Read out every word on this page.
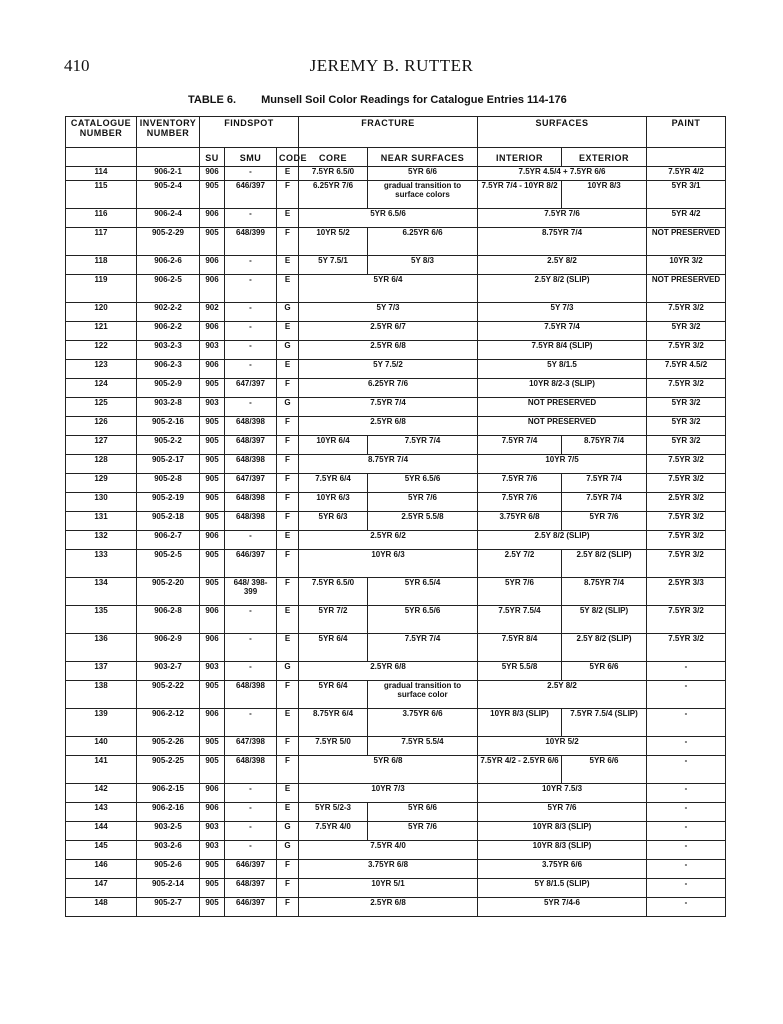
410	JEREMY B. RUTTER
TABLE 6. Munsell Soil Color Readings for Catalogue Entries 114-176
CATALOGUE NUMBER	INVENTORY NUMBER	FINDSPOT			FRACTURE		SURFACES		PAINT
		SU	SMU	CODE	CORE	NEAR SURFACES	INTERIOR	EXTERIOR	
114	906-2-1	906	-	E	7.5YR 6.5/0	5YR 6/6	7.5YR 4.5/4 + 7.5YR 6/6		7.5YR 4/2
115	905-2-4	905	646/397	F	6.25YR 7/6	gradual transition to surface colors	7.5YR 7/4 - 10YR 8/2	10YR 8/3	5YR 3/1
116	906-2-4	906	-	E	5YR 6.5/6		7.5YR 7/6		5YR 4/2
117	905-2-29	905	648/399	F	10YR 5/2	6.25YR 6/6	8.75YR 7/4		NOT PRESERVED
118	906-2-6	906	-	E	5Y 7.5/1	5Y 8/3	2.5Y 8/2		10YR 3/2
119	906-2-5	906	-	E	5YR 6/4		2.5Y 8/2 (SLIP)		NOT PRESERVED
120	902-2-2	902	-	G	5Y 7/3		5Y 7/3		7.5YR 3/2
121	906-2-2	906	-	E	2.5YR 6/7		7.5YR 7/4		5YR 3/2
122	903-2-3	903	-	G	2.5YR 6/8		7.5YR 8/4 (SLIP)		7.5YR 3/2
123	906-2-3	906	-	E	5Y 7.5/2		5Y 8/1.5		7.5YR 4.5/2
124	905-2-9	905	647/397	F	6.25YR 7/6		10YR 8/2-3 (SLIP)		7.5YR 3/2
125	903-2-8	903	-	G	7.5YR 7/4		NOT PRESERVED		5YR 3/2
126	905-2-16	905	648/398	F	2.5YR 6/8		NOT PRESERVED		5YR 3/2
127	905-2-2	905	648/397	F	10YR 6/4	7.5YR 7/4	7.5YR 7/4	8.75YR 7/4	5YR 3/2
128	905-2-17	905	648/398	F	8.75YR 7/4		10YR 7/5		7.5YR 3/2
129	905-2-8	905	647/397	F	7.5YR 6/4	5YR 6.5/6	7.5YR 7/6	7.5YR 7/4	7.5YR 3/2
130	905-2-19	905	648/398	F	10YR 6/3	5YR 7/6	7.5YR 7/6	7.5YR 7/4	2.5YR 3/2
131	905-2-18	905	648/398	F	5YR 6/3	2.5YR 5.5/8	3.75YR 6/8	5YR 7/6	7.5YR 3/2
132	906-2-7	906	-	E	2.5YR 6/2		2.5Y 8/2 (SLIP)		7.5YR 3/2
133	905-2-5	905	646/397	F	10YR 6/3		2.5Y 7/2	2.5Y 8/2 (SLIP)	7.5YR 3/2
134	905-2-20	905	648/ 398-399	F	7.5YR 6.5/0	5YR 6.5/4	5YR 7/6	8.75YR 7/4	2.5YR 3/3
135	906-2-8	906	-	E	5YR 7/2	5YR 6.5/6	7.5YR 7.5/4	5Y 8/2 (SLIP)	7.5YR 3/2
136	906-2-9	906	-	E	5YR 6/4	7.5YR 7/4	7.5YR 8/4	2.5Y 8/2 (SLIP)	7.5YR 3/2
137	903-2-7	903	-	G	2.5YR 6/8		5YR 5.5/8	5YR 6/6	-
138	905-2-22	905	648/398	F	5YR 6/4	gradual transition to surface color	2.5Y 8/2		-
139	906-2-12	906	-	E	8.75YR 6/4	3.75YR 6/6	10YR 8/3 (SLIP)	7.5YR 7.5/4 (SLIP)	-
140	905-2-26	905	647/398	F	7.5YR 5/0	7.5YR 5.5/4	10YR 5/2		-
141	905-2-25	905	648/398	F	5YR 6/8		7.5YR 4/2 - 2.5YR 6/6	5YR 6/6	-
142	906-2-15	906	-	E	10YR 7/3		10YR 7.5/3		-
143	906-2-16	906	-	E	5YR 5/2-3	5YR 6/6	5YR 7/6		-
144	903-2-5	903	-	G	7.5YR 4/0	5YR 7/6	10YR 8/3 (SLIP)		-
145	903-2-6	903	-	G	7.5YR 4/0		10YR 8/3 (SLIP)		-
146	905-2-6	905	646/397	F	3.75YR 6/8		3.75YR 6/6		-
147	905-2-14	905	648/397	F	10YR 5/1		5Y 8/1.5 (SLIP)		-
148	905-2-7	905	646/397	F	2.5YR 6/8		5YR 7/4-6		-
